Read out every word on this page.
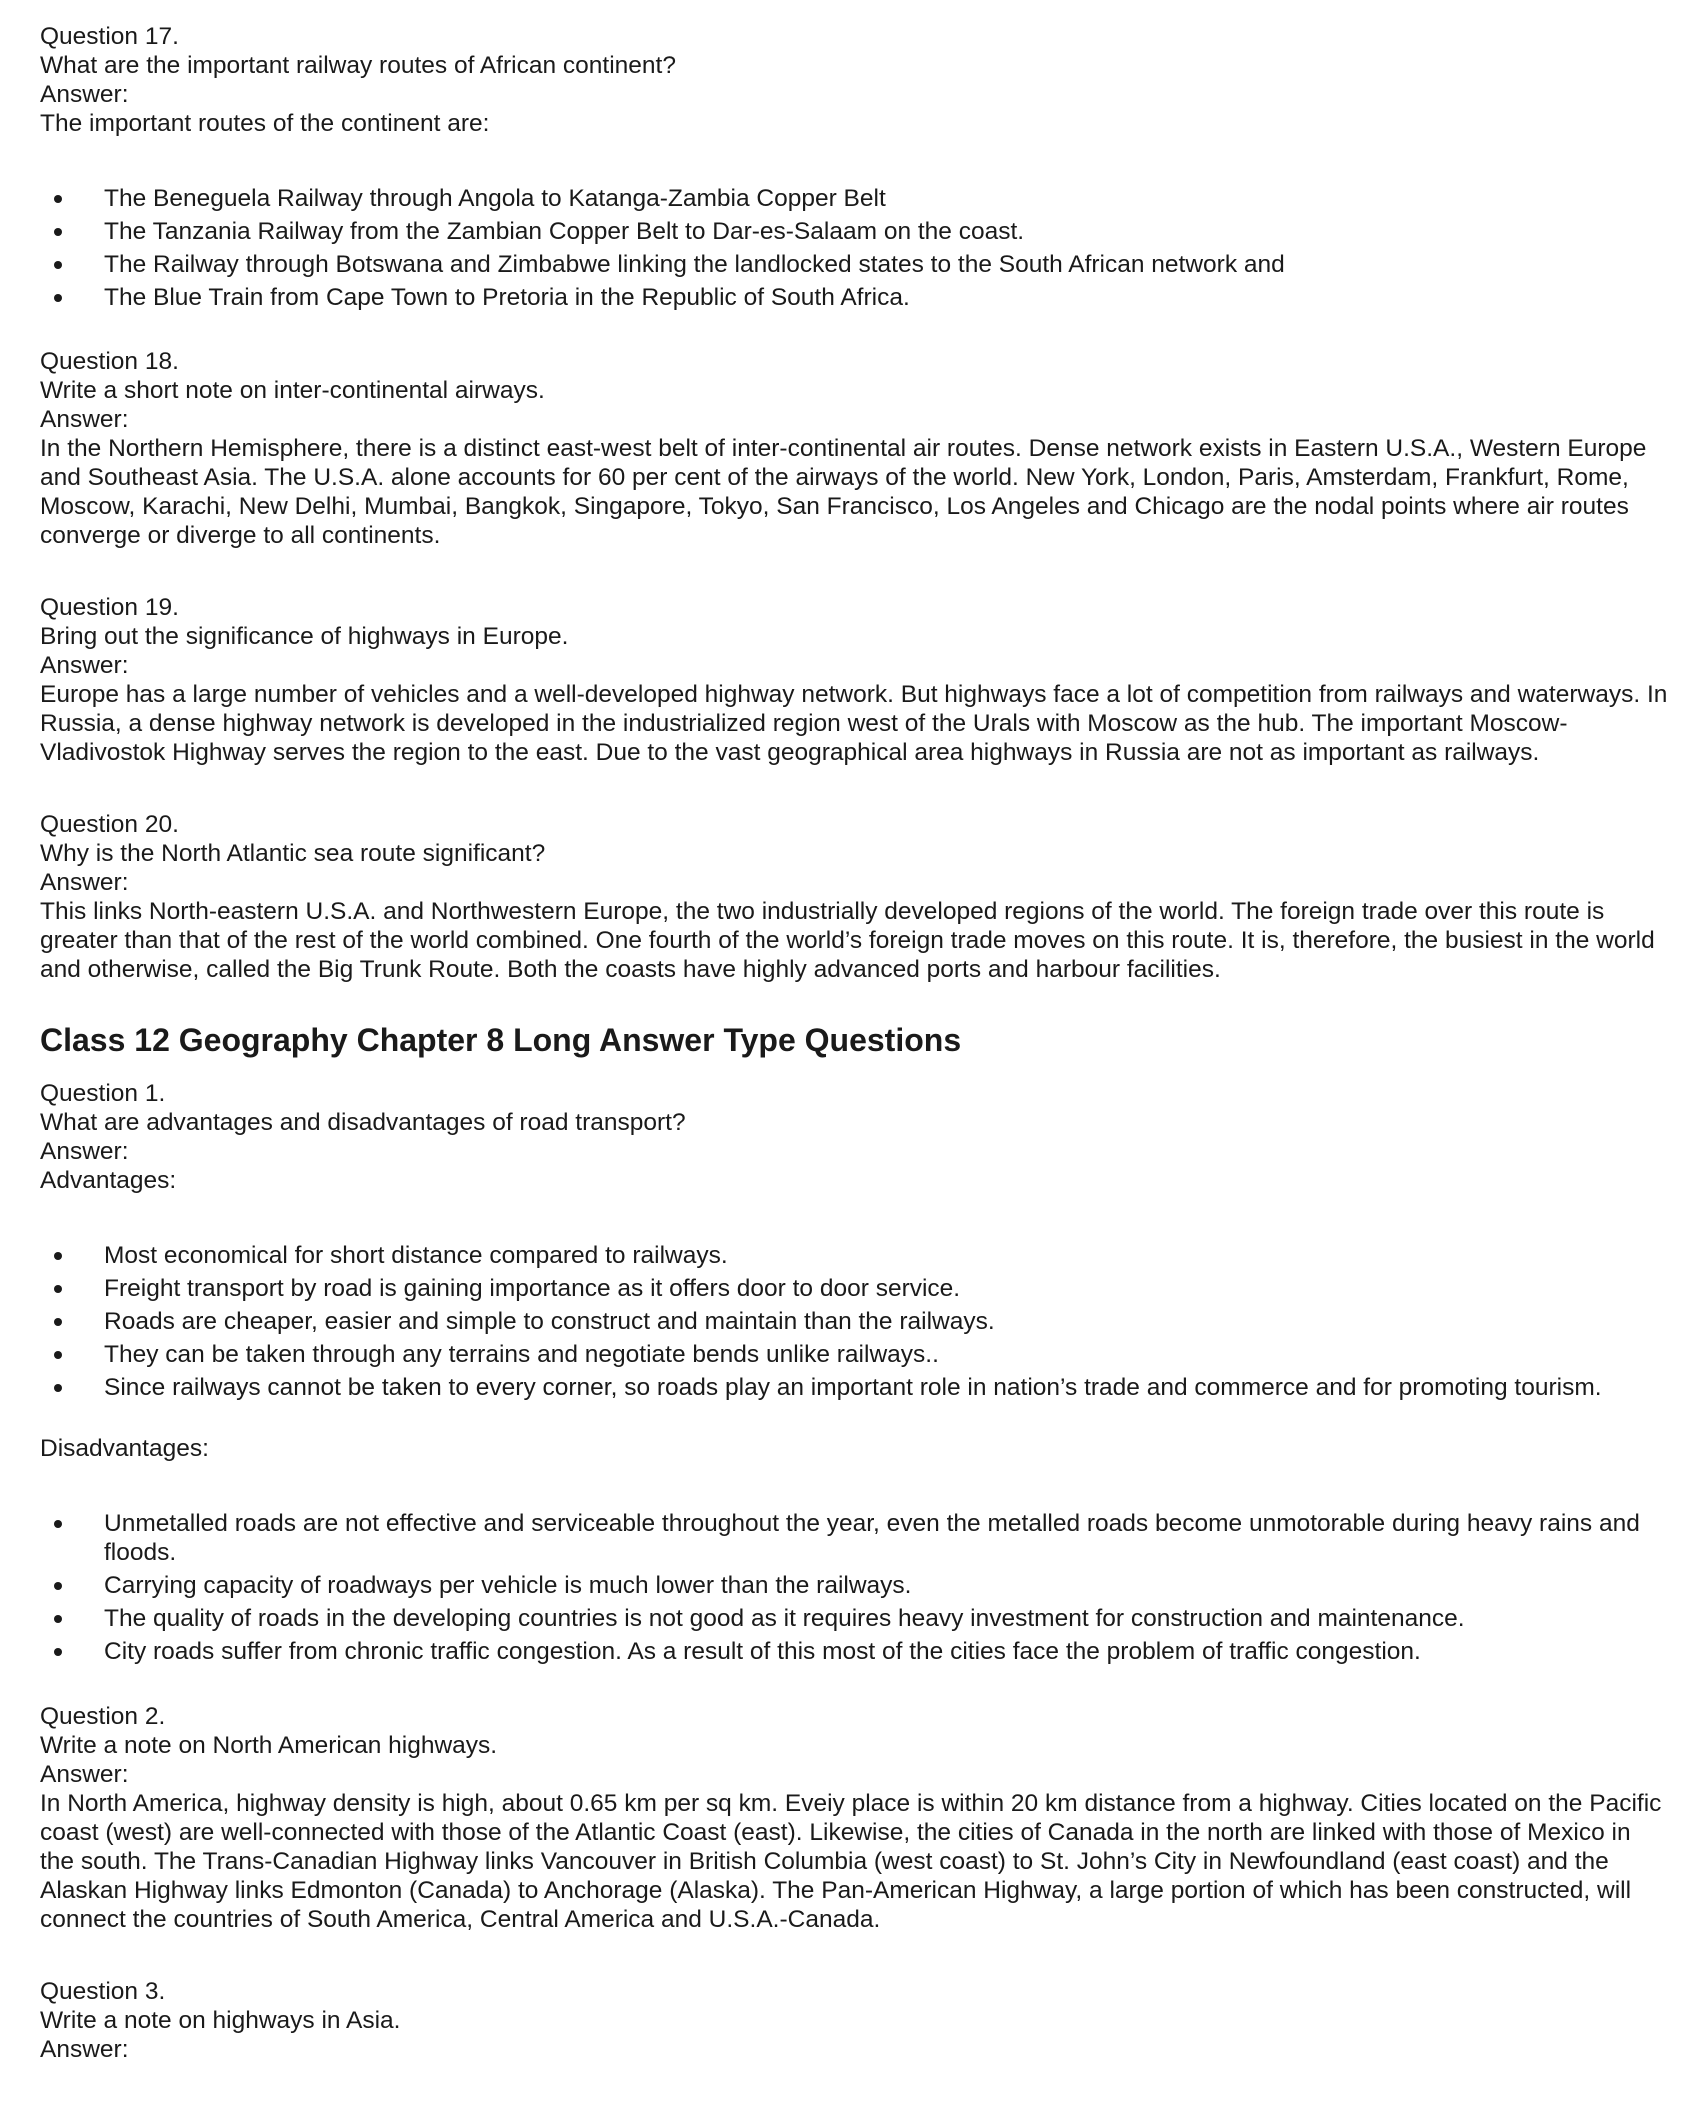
Question 17.
What are the important railway routes of African continent?
Answer:
The important routes of the continent are:
The Beneguela Railway through Angola to Katanga-Zambia Copper Belt
The Tanzania Railway from the Zambian Copper Belt to Dar-es-Salaam on the coast.
The Railway through Botswana and Zimbabwe linking the landlocked states to the South African network and
The Blue Train from Cape Town to Pretoria in the Republic of South Africa.
Question 18.
Write a short note on inter-continental airways.
Answer:

In the Northern Hemisphere, there is a distinct east-west belt of inter-continental air routes. Dense network exists in Eastern U.S.A., Western Europe and Southeast Asia. The U.S.A. alone accounts for 60 per cent of the airways of the world. New York, London, Paris, Amsterdam, Frankfurt, Rome, Moscow, Karachi, New Delhi, Mumbai, Bangkok, Singapore, Tokyo, San Francisco, Los Angeles and Chicago are the nodal points where air routes converge or diverge to all continents.

Question 19.
Bring out the significance of highways in Europe.
Answer:

Europe has a large number of vehicles and a well-developed highway network. But highways face a lot of competition from railways and waterways. In Russia, a dense highway network is developed in the industrialized region west of the Urals with Moscow as the hub. The important Moscow-Vladivostok Highway serves the region to the east. Due to the vast geographical area highways in Russia are not as important as railways.

Question 20.
Why is the North Atlantic sea route significant?
Answer:

This links North-eastern U.S.A. and Northwestern Europe, the two industrially developed regions of the world. The foreign trade over this route is greater than that of the rest of the world combined. One fourth of the world’s foreign trade moves on this route. It is, therefore, the busiest in the world and otherwise, called the Big Trunk Route. Both the coasts have highly advanced ports and harbour facilities.

Class 12 Geography Chapter 8 Long Answer Type Questions
Question 1.
What are advantages and disadvantages of road transport?
Answer:
Advantages:
Most economical for short distance compared to railways.
Freight transport by road is gaining importance as it offers door to door service.
Roads are cheaper, easier and simple to construct and maintain than the railways.
They can be taken through any terrains and negotiate bends unlike railways..
Since railways cannot be taken to every corner, so roads play an important role in nation’s trade and commerce and for promoting tourism.
Disadvantages:
Unmetalled roads are not effective and serviceable throughout the year, even the metalled roads become unmotorable during heavy rains and floods.
Carrying capacity of roadways per vehicle is much lower than the railways.
The quality of roads in the developing countries is not good as it requires heavy investment for construction and maintenance.
City roads suffer from chronic traffic congestion. As a result of this most of the cities face the problem of traffic congestion.
Question 2.
Write a note on North American highways.
Answer:

In North America, highway density is high, about 0.65 km per sq km. Eveiy place is within 20 km distance from a highway. Cities located on the Pacific coast (west) are well-connected with those of the Atlantic Coast (east). Likewise, the cities of Canada in the north are linked with those of Mexico in the south. The Trans-Canadian Highway links Vancouver in British Columbia (west coast) to St. John’s City in Newfoundland (east coast) and the Alaskan Highway links Edmonton (Canada) to Anchorage (Alaska). The Pan-American Highway, a large portion of which has been constructed, will connect the countries of South America, Central America and U.S.A.-Canada.

Question 3.
Write a note on highways in Asia.
Answer:
